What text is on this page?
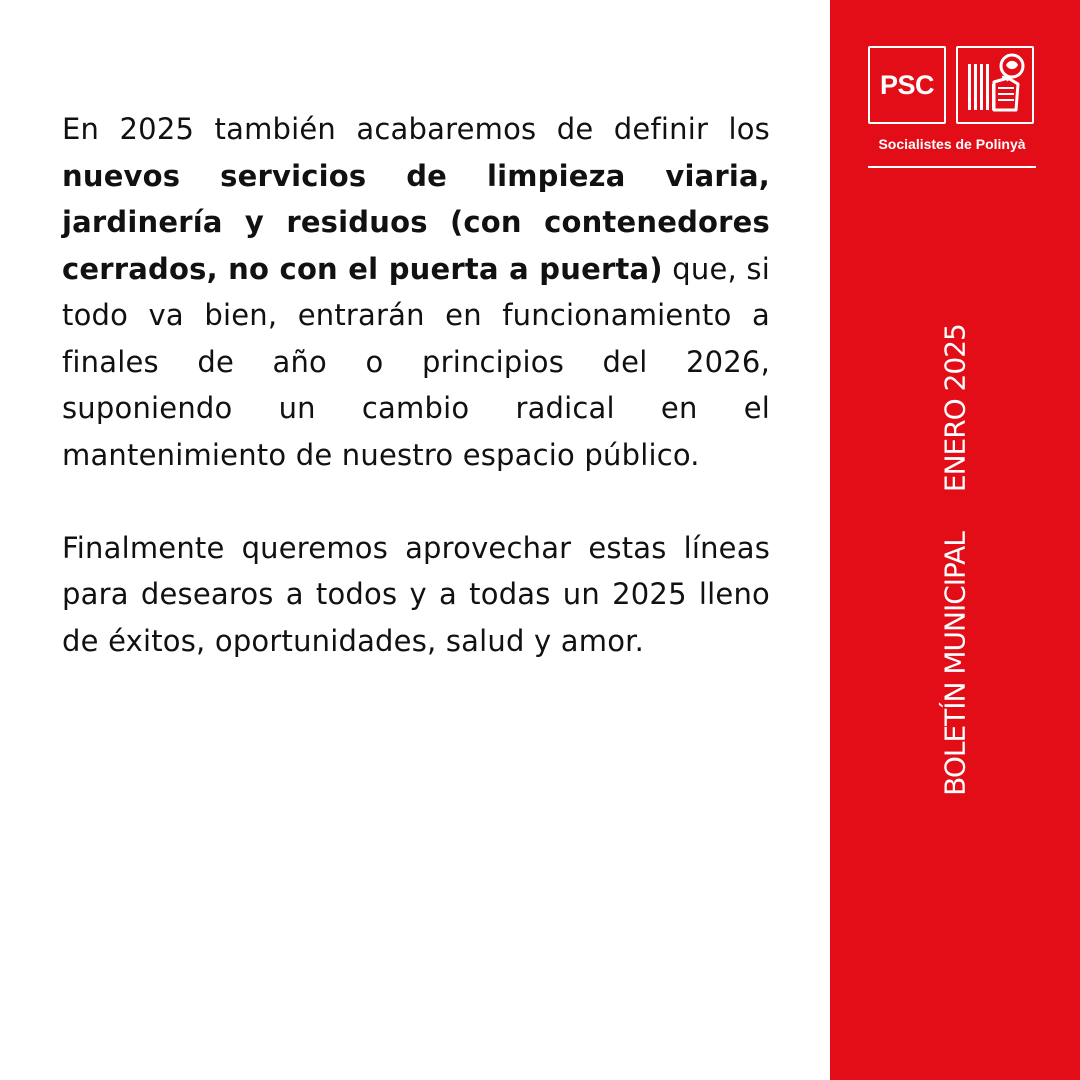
En 2025 también acabaremos de definir los nuevos servicios de limpieza viaria, jardinería y residuos (con contenedores cerrados, no con el puerta a puerta) que, si todo va bien, entrarán en funcionamiento a finales de año o principios del 2026, suponiendo un cambio radical en el mantenimiento de nuestro espacio público.

Finalmente queremos aprovechar estas líneas para desearos a todos y a todas un 2025 lleno de éxitos, oportunidades, salud y amor.

PSC
Socialistes de Polinyà
BOLETÍN MUNICIPALENERO 2025
